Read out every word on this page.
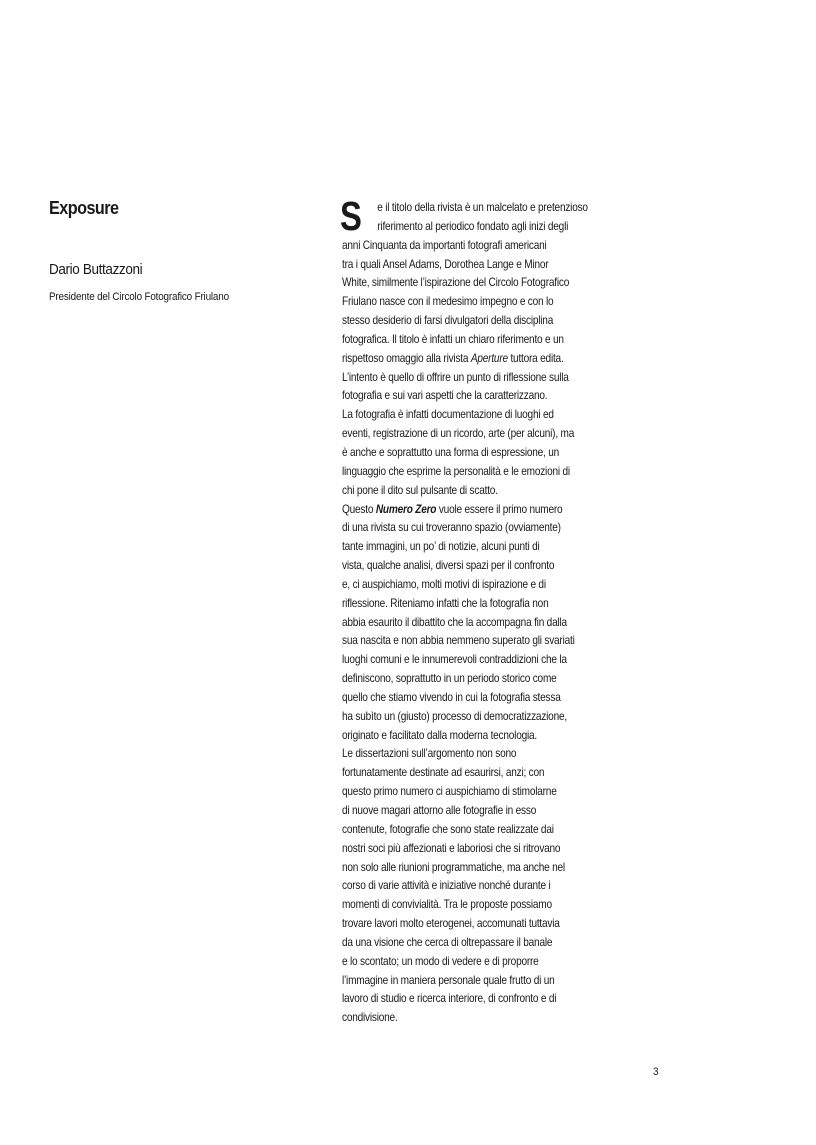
Exposure
Dario Buttazzoni
Presidente del Circolo Fotografico Friulano
S	e il titolo della rivista è un malcelato e pretenzioso
riferimento al periodico fondato agli inizi degli
anni Cinquanta da importanti fotografi americani
tra i quali Ansel Adams, Dorothea Lange e Minor
White, similmente l’ispirazione del Circolo Fotografico
Friulano nasce con il medesimo impegno e con lo
stesso desiderio di farsi divulgatori della disciplina
fotografica. Il titolo è infatti un chiaro riferimento e un
rispettoso omaggio alla rivista Aperture tuttora edita.
L’intento è quello di offrire un punto di riflessione sulla
fotografia e sui vari aspetti che la caratterizzano.
La fotografia è infatti documentazione di luoghi ed
eventi, registrazione di un ricordo, arte (per alcuni), ma
è anche e soprattutto una forma di espressione, un
linguaggio che esprime la personalità e le emozioni di
chi pone il dito sul pulsante di scatto.
Questo Numero Zero vuole essere il primo numero
di una rivista su cui troveranno spazio (ovviamente)
tante immagini, un po’ di notizie, alcuni punti di
vista, qualche analisi, diversi spazi per il confronto
e, ci auspichiamo, molti motivi di ispirazione e di
riflessione. Riteniamo infatti che la fotografia non
abbia esaurito il dibattito che la accompagna fin dalla
sua nascita e non abbia nemmeno superato gli svariati
luoghi comuni e le innumerevoli contraddizioni che la
definiscono, soprattutto in un periodo storico come
quello che stiamo vivendo in cui la fotografia stessa
ha subìto un (giusto) processo di democratizzazione,
originato e facilitato dalla moderna tecnologia.
Le dissertazioni sull’argomento non sono
fortunatamente destinate ad esaurirsi, anzi; con
questo primo numero ci auspichiamo di stimolarne
di nuove magari attorno alle fotografie in esso
contenute, fotografie che sono state realizzate dai
nostri soci più affezionati e laboriosi che si ritrovano
non solo alle riunioni programmatiche, ma anche nel
corso di varie attività e iniziative nonché durante i
momenti di convivialità. Tra le proposte possiamo
trovare lavori molto eterogenei, accomunati tuttavia
da una visione che cerca di oltrepassare il banale
e lo scontato; un modo di vedere e di proporre
l’immagine in maniera personale quale frutto di un
lavoro di studio e ricerca interiore, di confronto e di
condivisione.
3
